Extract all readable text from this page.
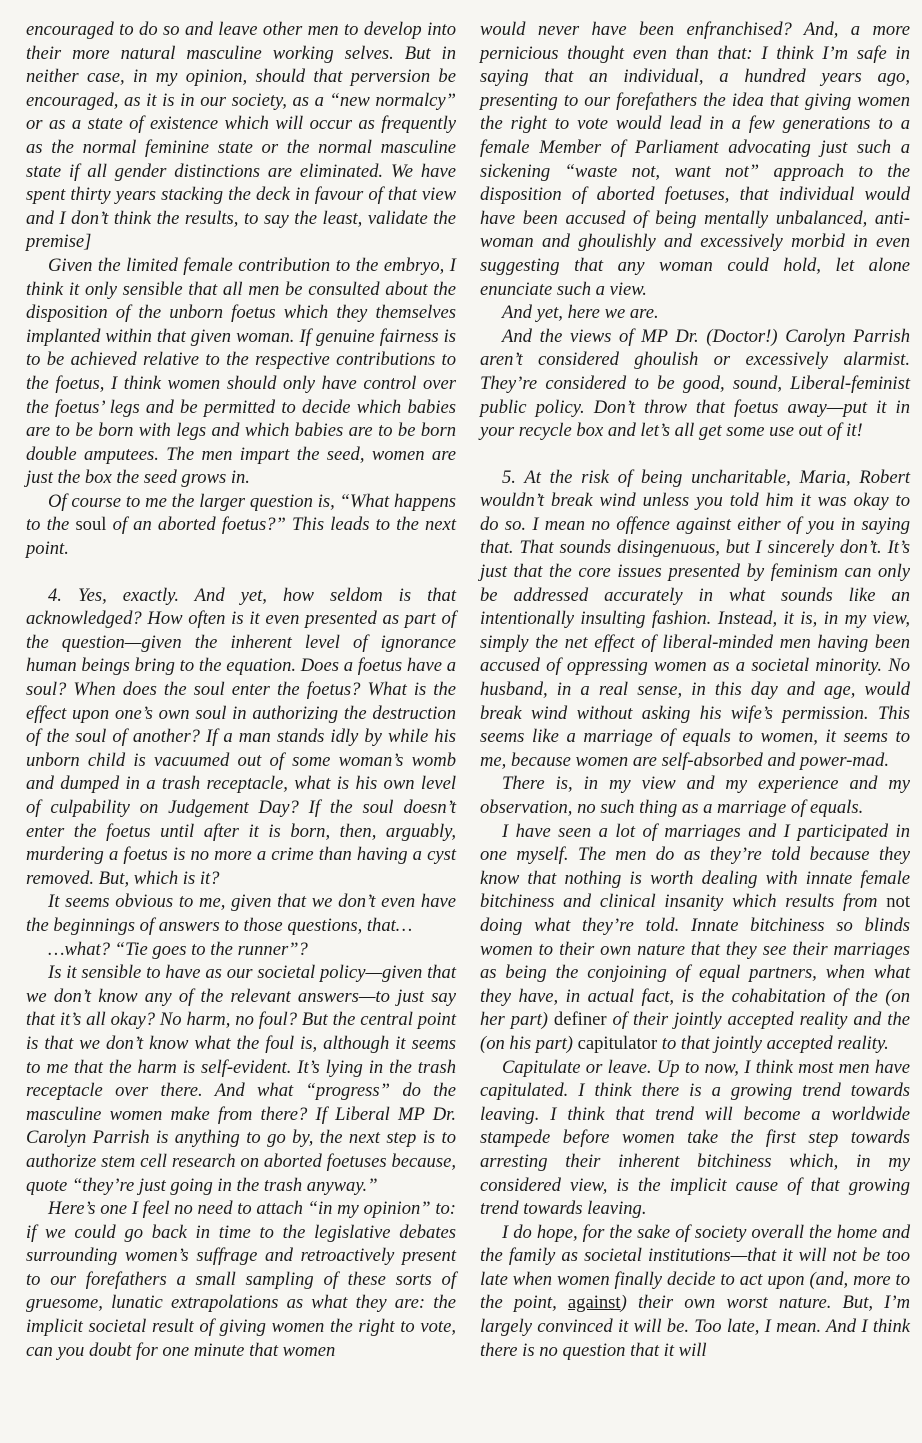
encouraged to do so and leave other men to develop into their more natural masculine working selves. But in neither case, in my opinion, should that perversion be encouraged, as it is in our society, as a “new normalcy” or as a state of existence which will occur as frequently as the normal feminine state or the normal masculine state if all gender distinctions are eliminated. We have spent thirty years stacking the deck in favour of that view and I don’t think the results, to say the least, validate the premise]

Given the limited female contribution to the embryo, I think it only sensible that all men be consulted about the disposition of the unborn foetus which they themselves implanted within that given woman. If genuine fairness is to be achieved relative to the respective contributions to the foetus, I think women should only have control over the foetus’ legs and be permitted to decide which babies are to be born with legs and which babies are to be born double amputees. The men impart the seed, women are just the box the seed grows in.

Of course to me the larger question is, “What happens to the soul of an aborted foetus?” This leads to the next point.

4. Yes, exactly. And yet, how seldom is that acknowledged? How often is it even presented as part of the question—given the inherent level of ignorance human beings bring to the equation. Does a foetus have a soul? When does the soul enter the foetus? What is the effect upon one’s own soul in authorizing the destruction of the soul of another? If a man stands idly by while his unborn child is vacuumed out of some woman’s womb and dumped in a trash receptacle, what is his own level of culpability on Judgement Day? If the soul doesn’t enter the foetus until after it is born, then, arguably, murdering a foetus is no more a crime than having a cyst removed. But, which is it?

It seems obvious to me, given that we don’t even have the beginnings of answers to those questions, that…

…what? “Tie goes to the runner”?

Is it sensible to have as our societal policy—given that we don’t know any of the relevant answers—to just say that it’s all okay? No harm, no foul? But the central point is that we don’t know what the foul is, although it seems to me that the harm is self-evident. It’s lying in the trash receptacle over there. And what “progress” do the masculine women make from there? If Liberal MP Dr. Carolyn Parrish is anything to go by, the next step is to authorize stem cell research on aborted foetuses because, quote “they’re just going in the trash anyway.”

Here’s one I feel no need to attach “in my opinion” to: if we could go back in time to the legislative debates surrounding women’s suffrage and retroactively present to our forefathers a small sampling of these sorts of gruesome, lunatic extrapolations as what they are: the implicit societal result of giving women the right to vote, can you doubt for one minute that women

would never have been enfranchised? And, a more pernicious thought even than that: I think I’m safe in saying that an individual, a hundred years ago, presenting to our forefathers the idea that giving women the right to vote would lead in a few generations to a female Member of Parliament advocating just such a sickening “waste not, want not” approach to the disposition of aborted foetuses, that individual would have been accused of being mentally unbalanced, anti-woman and ghoulishly and excessively morbid in even suggesting that any woman could hold, let alone enunciate such a view.

And yet, here we are.

And the views of MP Dr. (Doctor!) Carolyn Parrish aren’t considered ghoulish or excessively alarmist. They’re considered to be good, sound, Liberal-feminist public policy. Don’t throw that foetus away—put it in your recycle box and let’s all get some use out of it!

5. At the risk of being uncharitable, Maria, Robert wouldn’t break wind unless you told him it was okay to do so. I mean no offence against either of you in saying that. That sounds disingenuous, but I sincerely don’t. It’s just that the core issues presented by feminism can only be addressed accurately in what sounds like an intentionally insulting fashion. Instead, it is, in my view, simply the net effect of liberal-minded men having been accused of oppressing women as a societal minority. No husband, in a real sense, in this day and age, would break wind without asking his wife’s permission. This seems like a marriage of equals to women, it seems to me, because women are self-absorbed and power-mad.

There is, in my view and my experience and my observation, no such thing as a marriage of equals.

I have seen a lot of marriages and I participated in one myself. The men do as they’re told because they know that nothing is worth dealing with innate female bitchiness and clinical insanity which results from not doing what they’re told. Innate bitchiness so blinds women to their own nature that they see their marriages as being the conjoining of equal partners, when what they have, in actual fact, is the cohabitation of the (on her part) definer of their jointly accepted reality and the (on his part) capitulator to that jointly accepted reality.

Capitulate or leave. Up to now, I think most men have capitulated. I think there is a growing trend towards leaving. I think that trend will become a worldwide stampede before women take the first step towards arresting their inherent bitchiness which, in my considered view, is the implicit cause of that growing trend towards leaving.

I do hope, for the sake of society overall the home and the family as societal institutions—that it will not be too late when women finally decide to act upon (and, more to the point, against) their own worst nature. But, I’m largely convinced it will be. Too late, I mean. And I think there is no question that it will
